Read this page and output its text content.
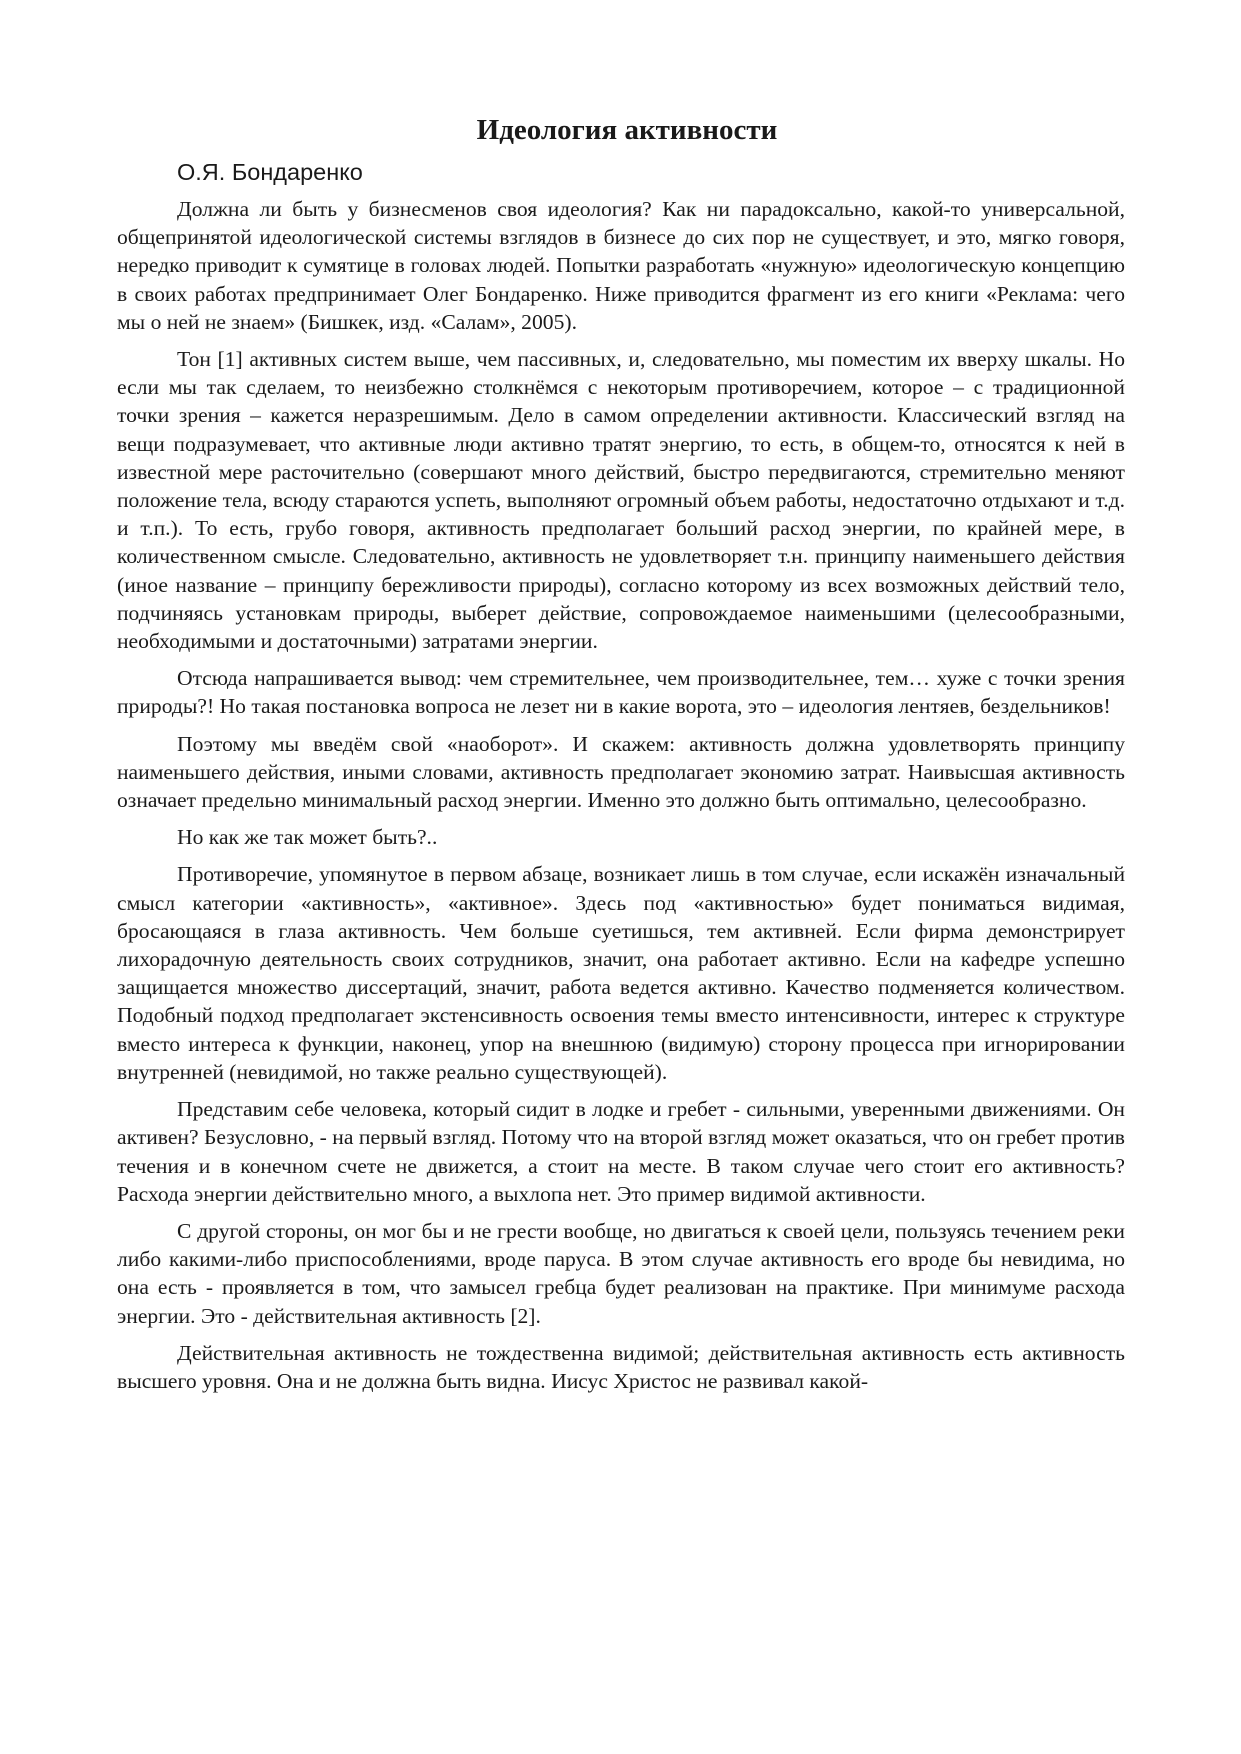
Идеология активности
О.Я. Бондаренко

Должна ли быть у бизнесменов своя идеология? Как ни парадоксально, какой-то универсальной, общепринятой идеологической системы взглядов в бизнесе до сих пор не существует, и это, мягко говоря, нередко приводит к сумятице в головах людей. Попытки разработать «нужную» идеологическую концепцию в своих работах предпринимает Олег Бондаренко. Ниже приводится фрагмент из его книги «Реклама: чего мы о ней не знаем» (Бишкек, изд. «Салам», 2005).

Тон [1] активных систем выше, чем пассивных, и, следовательно, мы поместим их вверху шкалы. Но если мы так сделаем, то неизбежно столкнёмся с некоторым противоречием, которое – с традиционной точки зрения – кажется неразрешимым. Дело в самом определении активности. Классический взгляд на вещи подразумевает, что активные люди активно тратят энергию, то есть, в общем-то, относятся к ней в известной мере расточительно (совершают много действий, быстро передвигаются, стремительно меняют положение тела, всюду стараются успеть, выполняют огромный объем работы, недостаточно отдыхают и т.д. и т.п.). То есть, грубо говоря, активность предполагает больший расход энергии, по крайней мере, в количественном смысле. Следовательно, активность не удовлетворяет т.н. принципу наименьшего действия (иное название – принципу бережливости природы), согласно которому из всех возможных действий тело, подчиняясь установкам природы, выберет действие, сопровождаемое наименьшими (целесообразными, необходимыми и достаточными) затратами энергии.

Отсюда напрашивается вывод: чем стремительнее, чем производительнее, тем… хуже с точки зрения природы?! Но такая постановка вопроса не лезет ни в какие ворота, это – идеология лентяев, бездельников!

Поэтому мы введём свой «наоборот». И скажем: активность должна удовлетворять принципу наименьшего действия, иными словами, активность предполагает экономию затрат. Наивысшая активность означает предельно минимальный расход энергии. Именно это должно быть оптимально, целесообразно.

Но как же так может быть?..

Противоречие, упомянутое в первом абзаце, возникает лишь в том случае, если искажён изначальный смысл категории «активность», «активное». Здесь под «активностью» будет пониматься видимая, бросающаяся в глаза активность. Чем больше суетишься, тем активней. Если фирма демонстрирует лихорадочную деятельность своих сотрудников, значит, она работает активно. Если на кафедре успешно защищается множество диссертаций, значит, работа ведется активно. Качество подменяется количеством. Подобный подход предполагает экстенсивность освоения темы вместо интенсивности, интерес к структуре вместо интереса к функции, наконец, упор на внешнюю (видимую) сторону процесса при игнорировании внутренней (невидимой, но также реально существующей).

Представим себе человека, который сидит в лодке и гребет - сильными, уверенными движениями. Он активен? Безусловно, - на первый взгляд. Потому что на второй взгляд может оказаться, что он гребет против течения и в конечном счете не движется, а стоит на месте. В таком случае чего стоит его активность? Расхода энергии действительно много, а выхлопа нет. Это пример видимой активности.

С другой стороны, он мог бы и не грести вообще, но двигаться к своей цели, пользуясь течением реки либо какими-либо приспособлениями, вроде паруса. В этом случае активность его вроде бы невидима, но она есть - проявляется в том, что замысел гребца будет реализован на практике. При минимуме расхода энергии. Это - действительная активность [2].

Действительная активность не тождественна видимой; действительная активность есть активность высшего уровня. Она и не должна быть видна. Иисус Христос не развивал какой-
